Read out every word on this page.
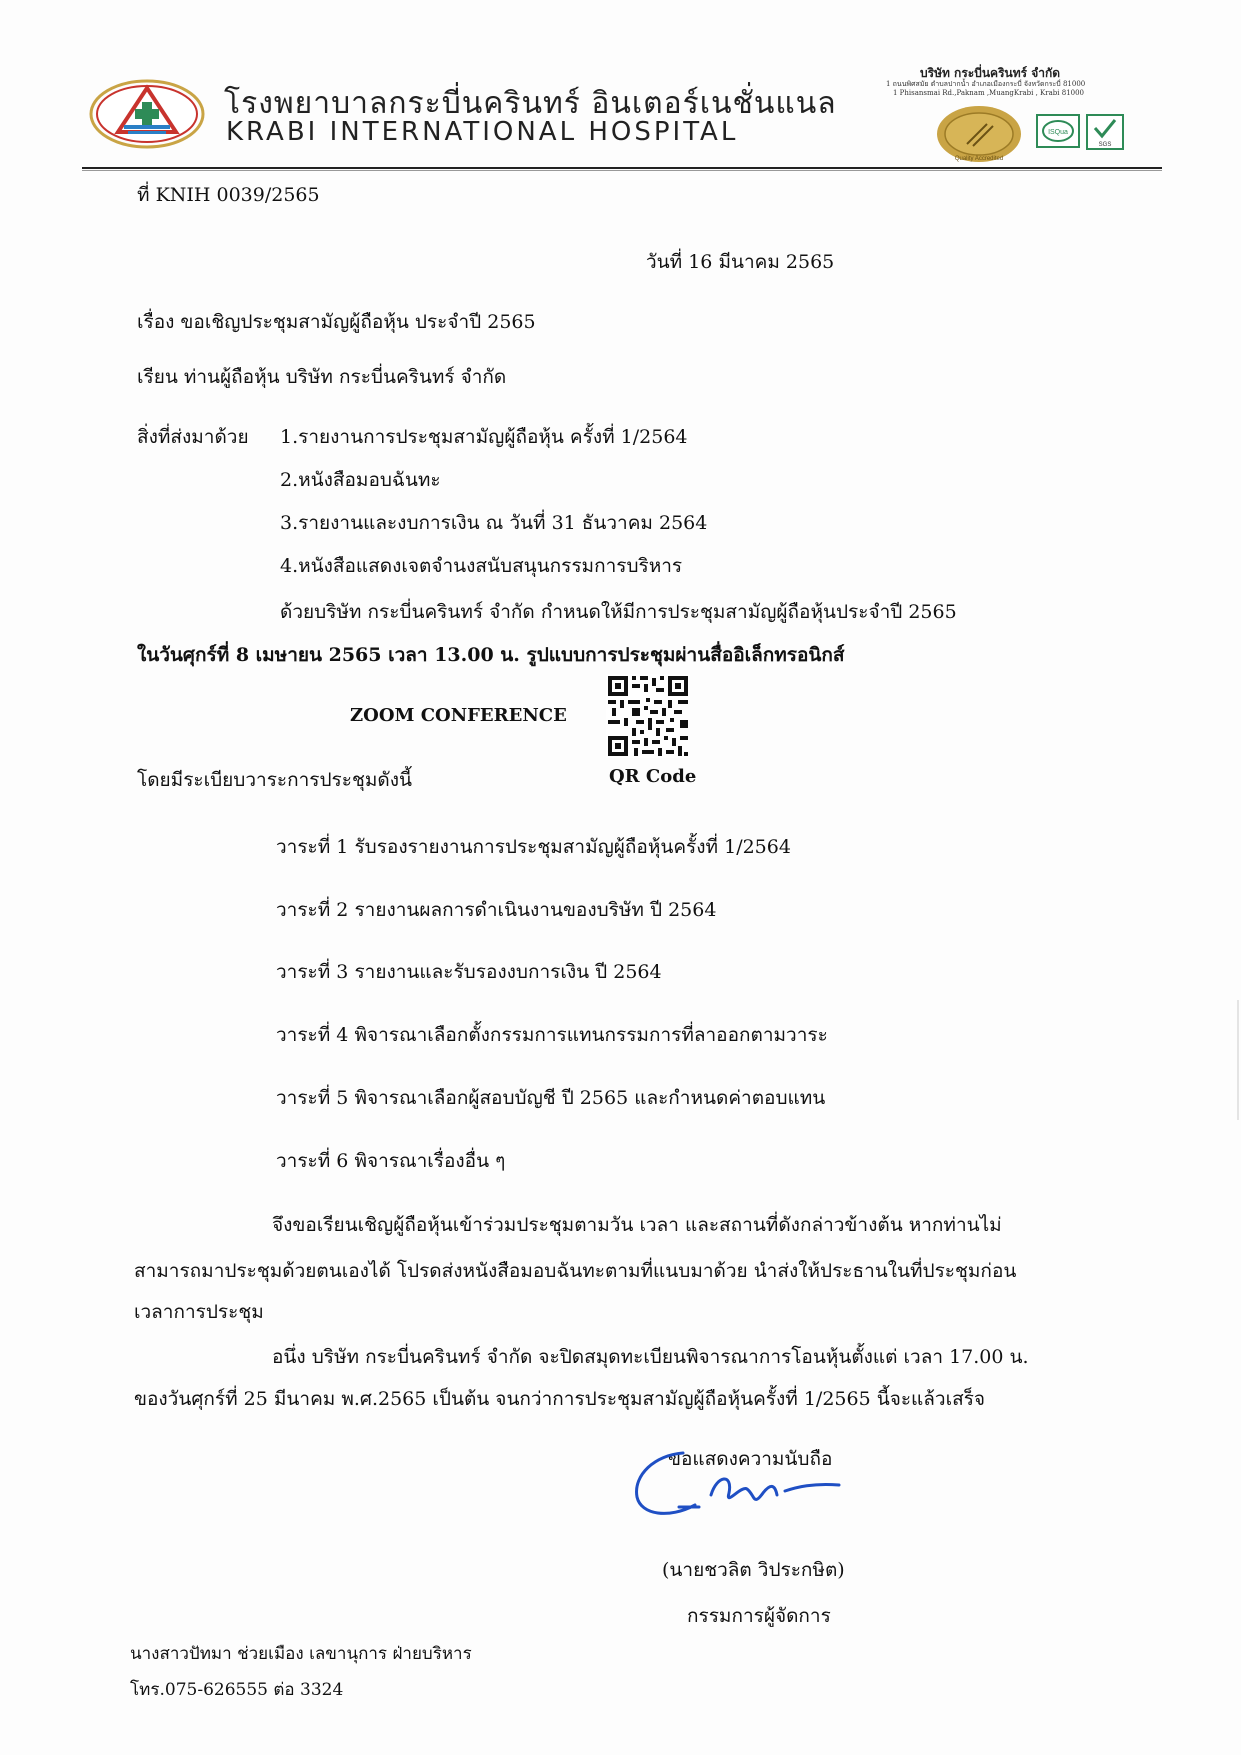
โรงพยาบาลกระบี่นครินทร์ อินเตอร์เนชั่นแนล
KRABI INTERNATIONAL HOSPITAL
บริษัท กระบี่นครินทร์ จำกัด
1 ถนนพิศสมัย ตำบลปากน้ำ อำเภอเมืองกระบี่ จังหวัดกระบี่ 81000
1 Phisansmai Rd.,Paknam ,MuangKrabi , Krabi 81000
Quality Accredited
ISQua
SGS
ที่ KNIH 0039/2565
วันที่ 16 มีนาคม 2565
เรื่อง ขอเชิญประชุมสามัญผู้ถือหุ้น ประจำปี 2565
เรียน ท่านผู้ถือหุ้น บริษัท กระบี่นครินทร์ จำกัด
สิ่งที่ส่งมาด้วย 1.รายงานการประชุมสามัญผู้ถือหุ้น ครั้งที่ 1/2564
2.หนังสือมอบฉันทะ
3.รายงานและงบการเงิน ณ วันที่ 31 ธันวาคม 2564
4.หนังสือแสดงเจตจำนงสนับสนุนกรรมการบริหาร
ด้วยบริษัท กระบี่นครินทร์ จำกัด กำหนดให้มีการประชุมสามัญผู้ถือหุ้นประจำปี 2565
ในวันศุกร์ที่ 8 เมษายน 2565 เวลา 13.00 น. รูปแบบการประชุมผ่านสื่ออิเล็กทรอนิกส์
ZOOM CONFERENCE
QR Code
โดยมีระเบียบวาระการประชุมดังนี้
วาระที่ 1 รับรองรายงานการประชุมสามัญผู้ถือหุ้นครั้งที่ 1/2564
วาระที่ 2 รายงานผลการดำเนินงานของบริษัท ปี 2564
วาระที่ 3 รายงานและรับรองงบการเงิน ปี 2564
วาระที่ 4 พิจารณาเลือกตั้งกรรมการแทนกรรมการที่ลาออกตามวาระ
วาระที่ 5 พิจารณาเลือกผู้สอบบัญชี ปี 2565 และกำหนดค่าตอบแทน
วาระที่ 6 พิจารณาเรื่องอื่น ๆ
จึงขอเรียนเชิญผู้ถือหุ้นเข้าร่วมประชุมตามวัน เวลา และสถานที่ดังกล่าวข้างต้น หากท่านไม่
สามารถมาประชุมด้วยตนเองได้ โปรดส่งหนังสือมอบฉันทะตามที่แนบมาด้วย นำส่งให้ประธานในที่ประชุมก่อน
เวลาการประชุม
อนึ่ง บริษัท กระบี่นครินทร์ จำกัด จะปิดสมุดทะเบียนพิจารณาการโอนหุ้นตั้งแต่ เวลา 17.00 น.
ของวันศุกร์ที่ 25 มีนาคม พ.ศ.2565 เป็นต้น จนกว่าการประชุมสามัญผู้ถือหุ้นครั้งที่ 1/2565 นี้จะแล้วเสร็จ
ขอแสดงความนับถือ
(นายชวลิต วิประกษิต)
กรรมการผู้จัดการ
นางสาวปัทมา ช่วยเมือง เลขานุการ ฝ่ายบริหาร
โทร.075-626555 ต่อ 3324
